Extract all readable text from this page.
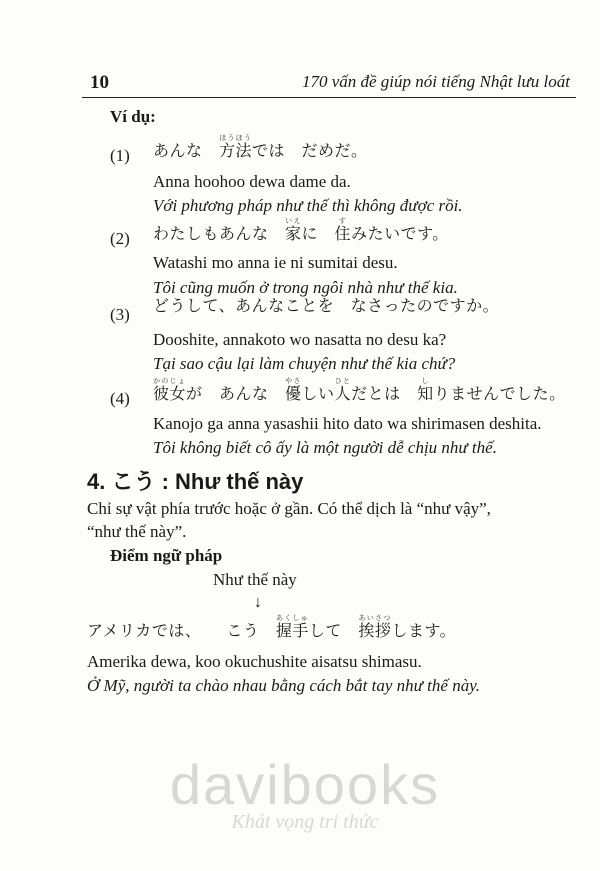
10	170 vấn đề giúp nói tiếng Nhật lưu loát
Ví dụ:
(1) あんな　方法ほうほうでは　だめだ。
Anna hoohoo dewa dame da.
Với phương pháp như thế thì không được rồi.
(2) わたしもあんな　家いえに　住すみたいです。
Watashi mo anna ie ni sumitai desu.
Tôi cũng muốn ở trong ngôi nhà như thế kia.
(3) どうして、あんなことを　なさったのですか。
Dooshite, annakoto wo nasatta no desu ka?
Tại sao cậu lại làm chuyện như thế kia chứ?
(4) 彼女かのじょが　あんな　優やさしい人ひとだとは　知しりませんでした。
Kanojo ga anna yasashii hito dato wa shirimasen deshita.
Tôi không biết cô ấy là một người dễ chịu như thế.
4. こう : Như thế này
Chỉ sự vật phía trước hoặc ở gần. Có thể dịch là “như vậy”,
“như thế này”.
Điểm ngữ pháp
Như thế này
↓
アメリカでは、　　こう　握手あくしゅして　挨拶あいさつします。
Amerika dewa, koo okuchushite aisatsu shimasu.
Ở Mỹ, người ta chào nhau bằng cách bắt tay như thế này.
davibooks
Khát vọng tri thức
